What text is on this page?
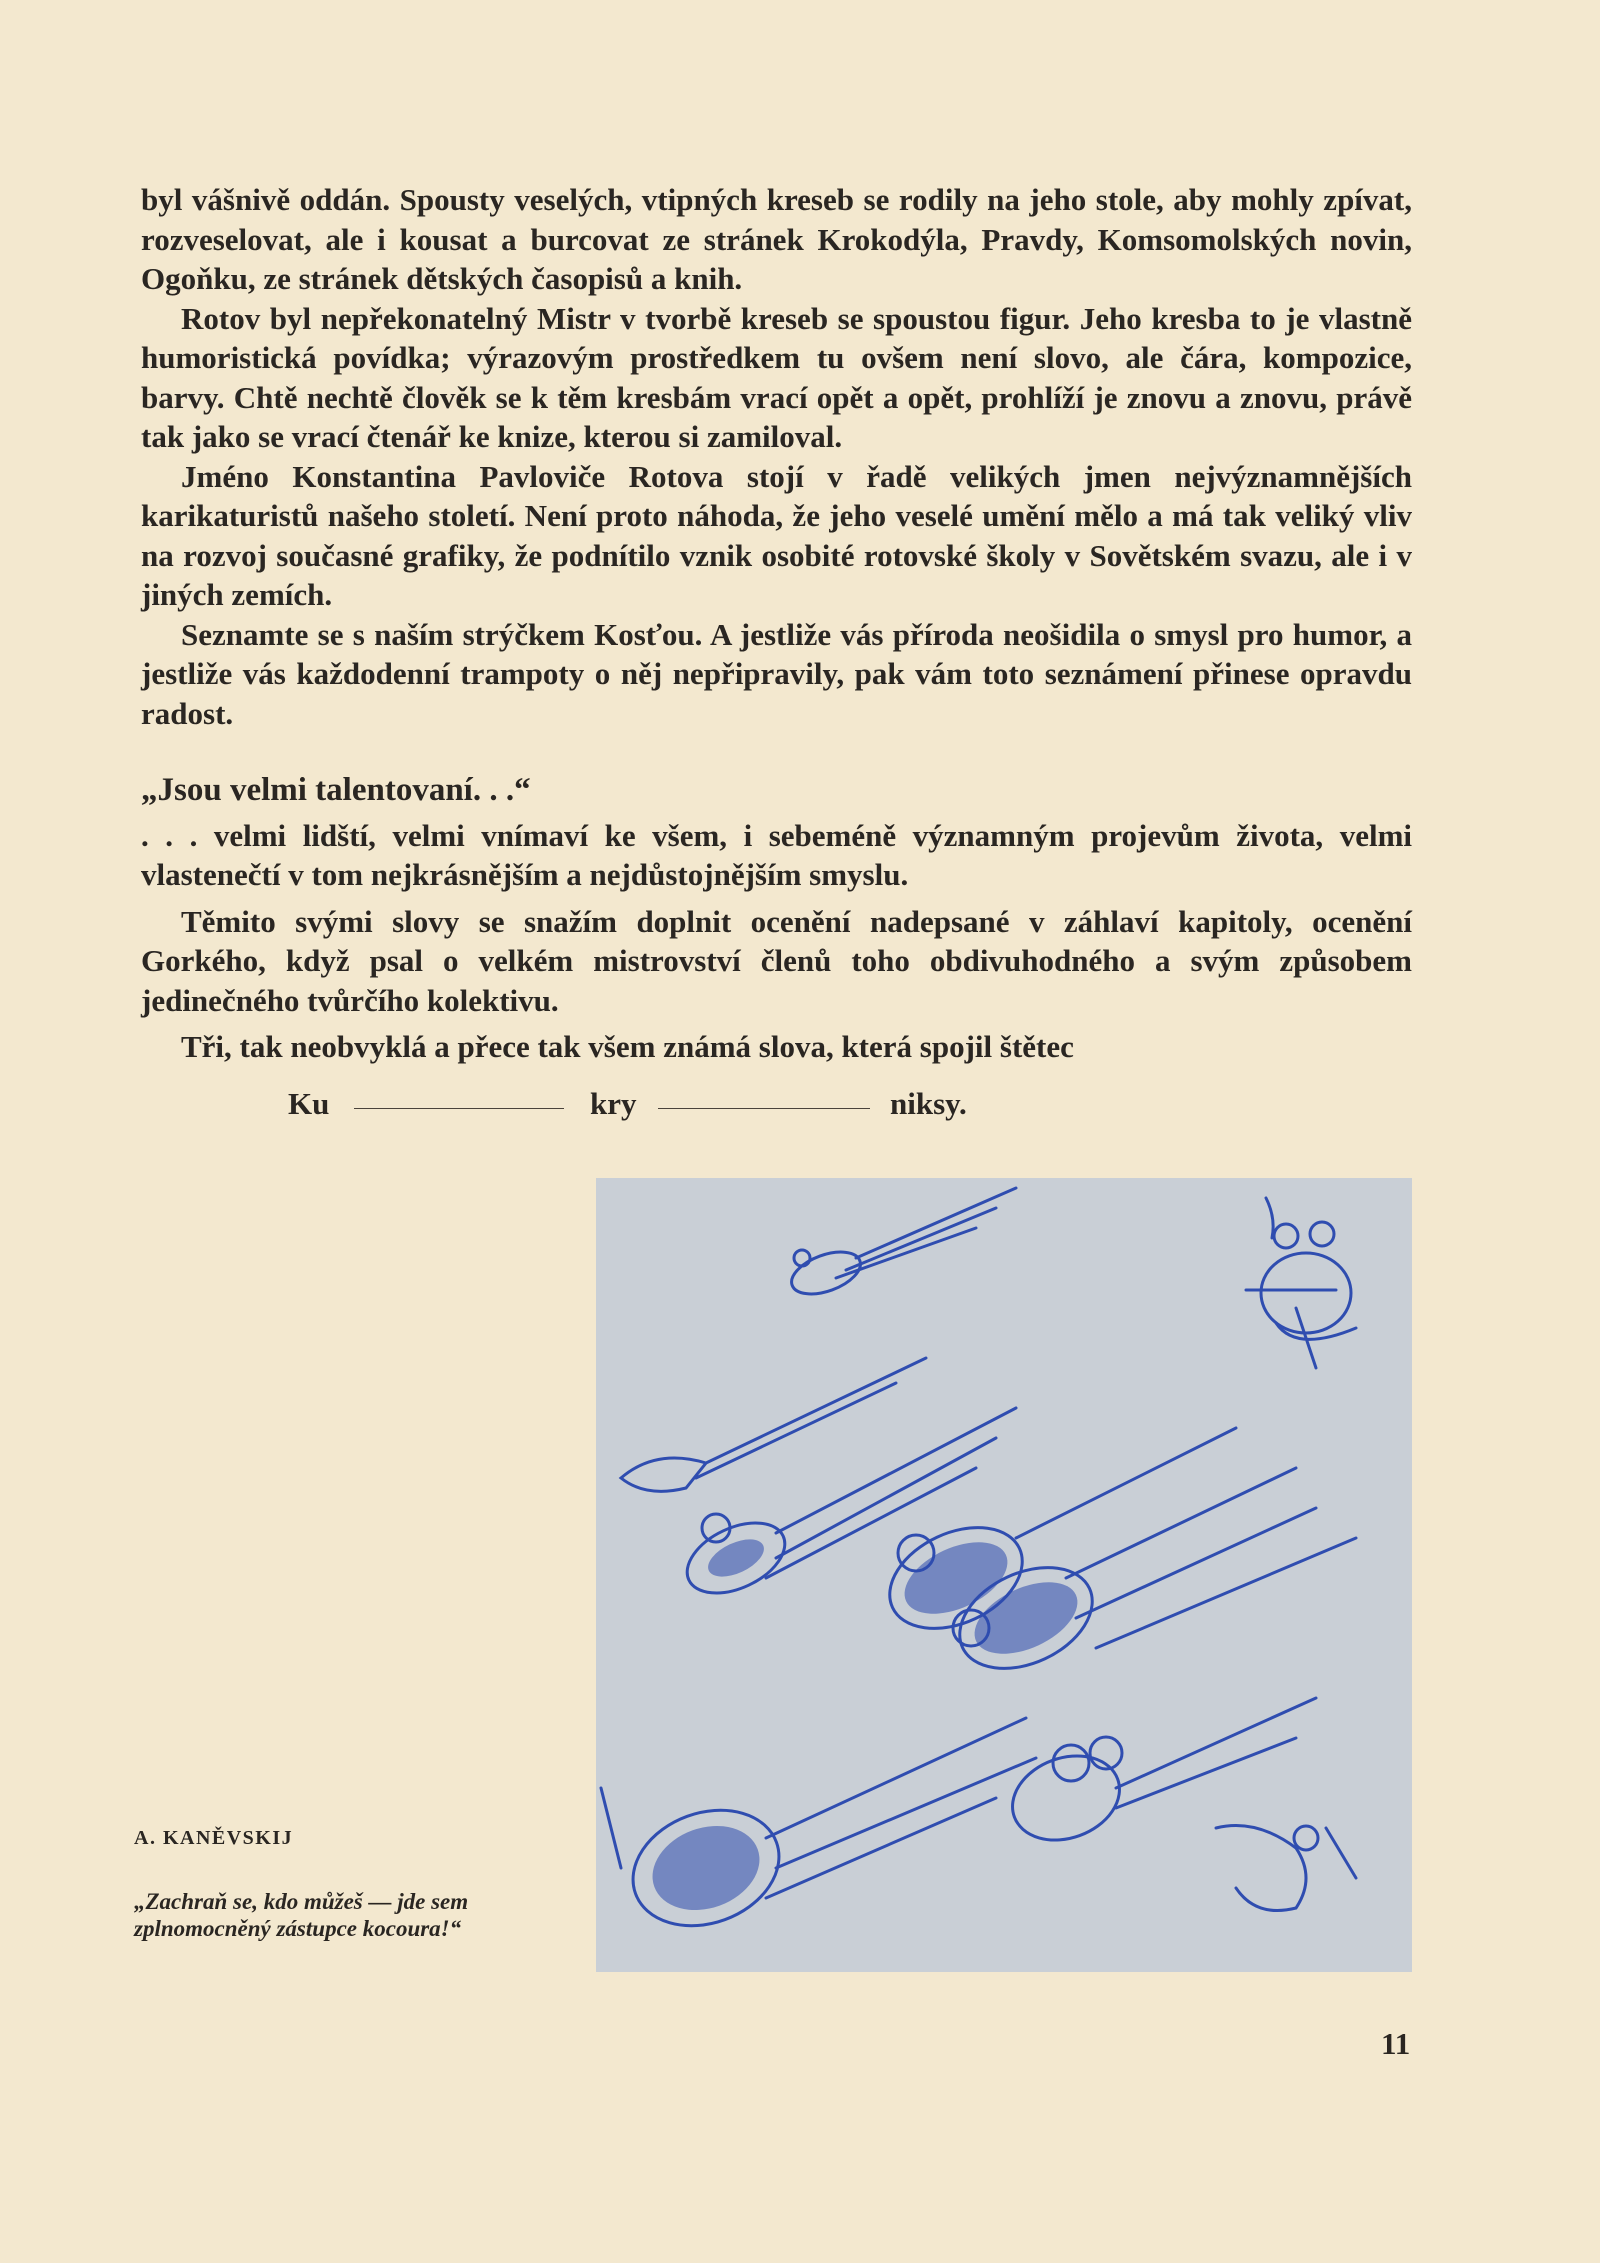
byl vášnivě oddán. Spousty veselých, vtipných kreseb se rodily na jeho stole, aby mohly zpívat, rozveselovat, ale i kousat a burcovat ze stránek Krokodýla, Pravdy, Komsomolských novin, Ogoňku, ze stránek dětských časopisů a knih.

Rotov byl nepřekonatelný Mistr v tvorbě kreseb se spoustou figur. Jeho kresba to je vlastně humoristická povídka; výrazovým prostředkem tu ovšem není slovo, ale čára, kompozice, barvy. Chtě nechtě člověk se k těm kresbám vrací opět a opět, prohlíží je znovu a znovu, právě tak jako se vrací čtenář ke knize, kterou si zamiloval.

Jméno Konstantina Pavloviče Rotova stojí v řadě velikých jmen nejvýznamnějších karikaturistů našeho století. Není proto náhoda, že jeho veselé umění mělo a má tak veliký vliv na rozvoj současné grafiky, že podnítilo vznik osobité rotovské školy v Sovětském svazu, ale i v jiných zemích.

Seznamte se s naším strýčkem Kosťou. A jestliže vás příroda neošidila o smysl pro humor, a jestliže vás každodenní trampoty o něj nepřipravily, pak vám toto seznámení přinese opravdu radost.

„Jsou velmi talentovaní. . .“

. . . velmi lidští, velmi vnímaví ke všem, i sebeméně významným projevům života, velmi vlastenečtí v tom nejkrásnějším a nejdůstojnějším smyslu.

Těmito svými slovy se snažím doplnit ocenění nadepsané v záhlaví kapitoly, ocenění Gorkého, když psal o velkém mistrovství členů toho obdivuhodného a svým způsobem jedinečného tvůrčího kolektivu.

Tři, tak neobvyklá a přece tak všem známá slova, která spojil štětec

Ku	kry	niksy.
A. KANĚVSKIJ
„Zachraň se, kdo můžeš — jde sem zplnomocněný zástupce kocoura!“
11
